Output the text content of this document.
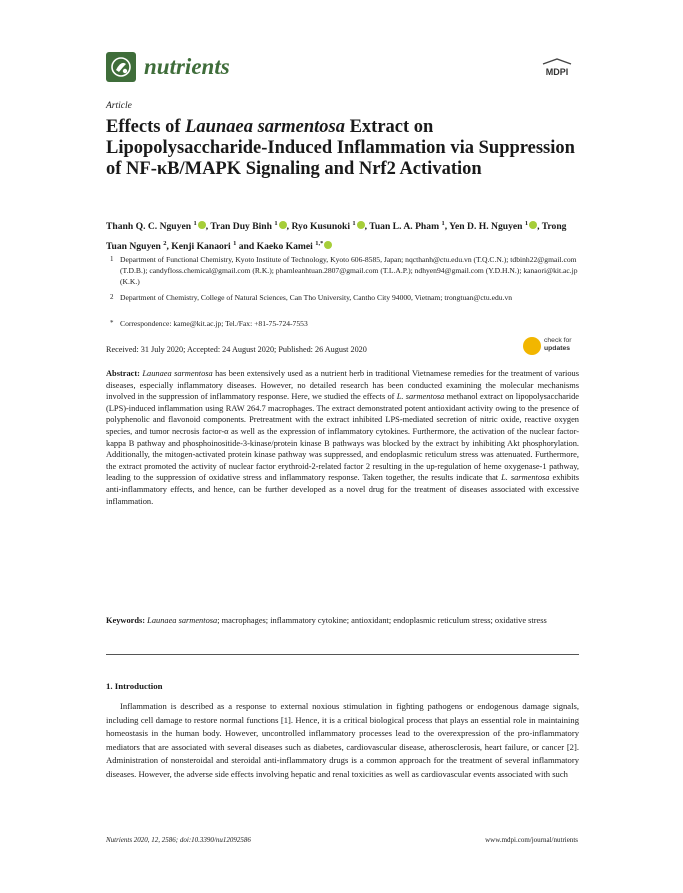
nutrients	MDPI
Article
Effects of Launaea sarmentosa Extract on Lipopolysaccharide-Induced Inflammation via Suppression of NF-κB/MAPK Signaling and Nrf2 Activation
Thanh Q. C. Nguyen $^1$ , Tran Duy Binh $^1$ , Ryo Kusunoki $^1$ , Tuan L. A. Pham $^1$, Yen D. H. Nguyen $^1$ , Trong Tuan Nguyen $^2$, Kenji Kanaori $^1$ and Kaeko Kamei $^{1,*}$
1 Department of Functional Chemistry, Kyoto Institute of Technology, Kyoto 606-8585, Japan; nqcthanh@ctu.edu.vn (T.Q.C.N.); tdbinh22@gmail.com (T.D.B.); candyfloss.chemical@gmail.com (R.K.); phamleanhtuan.2807@gmail.com (T.L.A.P.); ndhyen94@gmail.com (Y.D.H.N.); kanaori@kit.ac.jp (K.K.)
2 Department of Chemistry, College of Natural Sciences, Can Tho University, Cantho City 94000, Vietnam; trongtuan@ctu.edu.vn
* Correspondence: kame@kit.ac.jp; Tel./Fax: +81-75-724-7553
check for
updates
Received: 31 July 2020; Accepted: 24 August 2020; Published: 26 August 2020
Abstract: Launaea sarmentosa has been extensively used as a nutrient herb in traditional Vietnamese remedies for the treatment of various diseases, especially inflammatory diseases. However, no detailed research has been conducted examining the molecular mechanisms involved in the suppression of inflammatory response. Here, we studied the effects of L. sarmentosa methanol extract on lipopolysaccharide (LPS)-induced inflammation using RAW 264.7 macrophages. The extract demonstrated potent antioxidant activity owing to the presence of polyphenolic and flavonoid components. Pretreatment with the extract inhibited LPS-mediated secretion of nitric oxide, reactive oxygen species, and tumor necrosis factor-α as well as the expression of inflammatory cytokines. Furthermore, the activation of the nuclear factor-kappa B pathway and phosphoinositide-3-kinase/protein kinase B pathways was blocked by the extract by inhibiting Akt phosphorylation. Additionally, the mitogen-activated protein kinase pathway was suppressed, and endoplasmic reticulum stress was attenuated. Furthermore, the extract promoted the activity of nuclear factor erythroid-2-related factor 2 resulting in the up-regulation of heme oxygenase-1 pathway, leading to the suppression of oxidative stress and inflammatory response. Taken together, the results indicate that L. sarmentosa exhibits anti-inflammatory effects, and hence, can be further developed as a novel drug for the treatment of diseases associated with excessive inflammation.
Keywords: Launaea sarmentosa; macrophages; inflammatory cytokine; antioxidant; endoplasmic reticulum stress; oxidative stress
1. Introduction
Inflammation is described as a response to external noxious stimulation in fighting pathogens or endogenous damage signals, including cell damage to restore normal functions [1]. Hence, it is a critical biological process that plays an essential role in maintaining homeostasis in the human body. However, uncontrolled inflammatory processes lead to the overexpression of the pro-inflammatory mediators that are associated with several diseases such as diabetes, cardiovascular disease, atherosclerosis, heart failure, or cancer [2]. Administration of nonsteroidal and steroidal anti-inflammatory drugs is a common approach for the treatment of several inflammatory diseases. However, the adverse side effects involving hepatic and renal toxicities as well as cardiovascular events associated with such
Nutrients 2020, 12, 2586; doi:10.3390/nu12092586	www.mdpi.com/journal/nutrients
